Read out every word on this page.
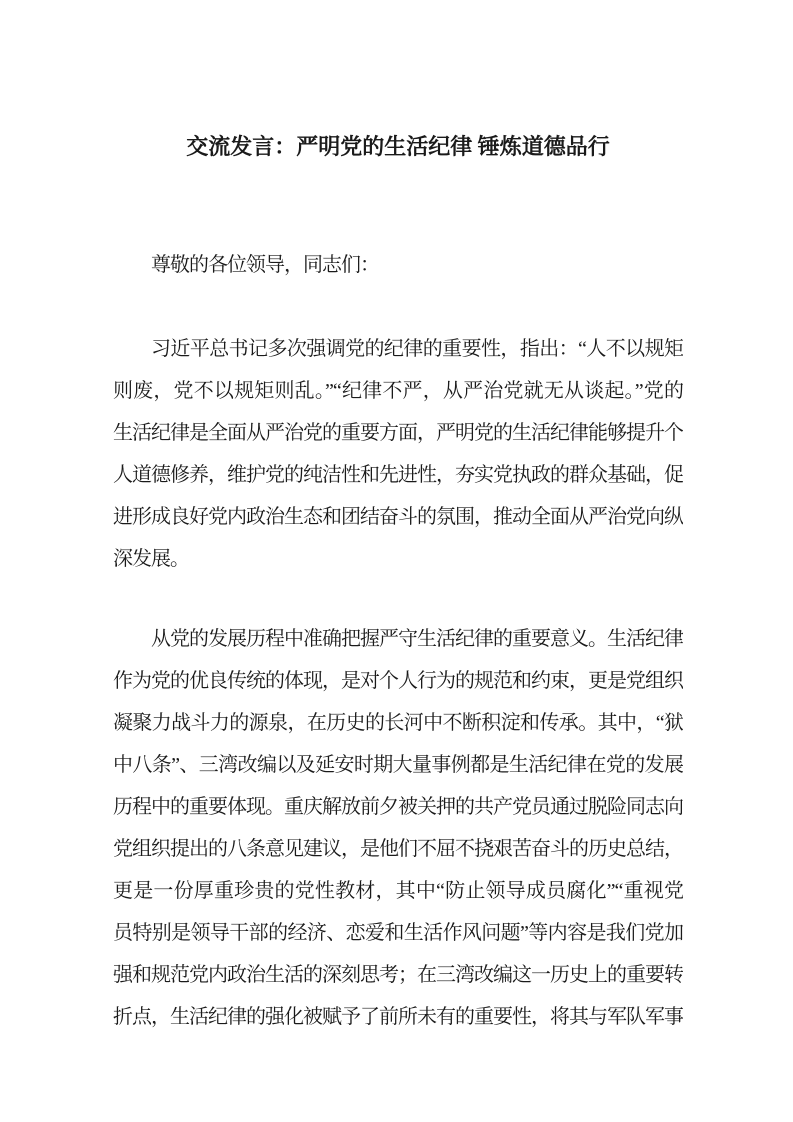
交流发言：严明党的生活纪律 锤炼道德品行
尊敬的各位领导，同志们：
习近平总书记多次强调党的纪律的重要性，指出：“人不以规矩
则废，党不以规矩则乱。”“纪律不严，从严治党就无从谈起。”党的
生活纪律是全面从严治党的重要方面，严明党的生活纪律能够提升个
人道德修养，维护党的纯洁性和先进性，夯实党执政的群众基础，促
进形成良好党内政治生态和团结奋斗的氛围，推动全面从严治党向纵
深发展。
从党的发展历程中准确把握严守生活纪律的重要意义。生活纪律
作为党的优良传统的体现，是对个人行为的规范和约束，更是党组织
凝聚力战斗力的源泉，在历史的长河中不断积淀和传承。其中，“狱
中八条”、三湾改编以及延安时期大量事例都是生活纪律在党的发展
历程中的重要体现。重庆解放前夕被关押的共产党员通过脱险同志向
党组织提出的八条意见建议，是他们不屈不挠艰苦奋斗的历史总结，
更是一份厚重珍贵的党性教材，其中“防止领导成员腐化”“重视党
员特别是领导干部的经济、恋爱和生活作风问题”等内容是我们党加
强和规范党内政治生活的深刻思考；在三湾改编这一历史上的重要转
折点，生活纪律的强化被赋予了前所未有的重要性，将其与军队军事
